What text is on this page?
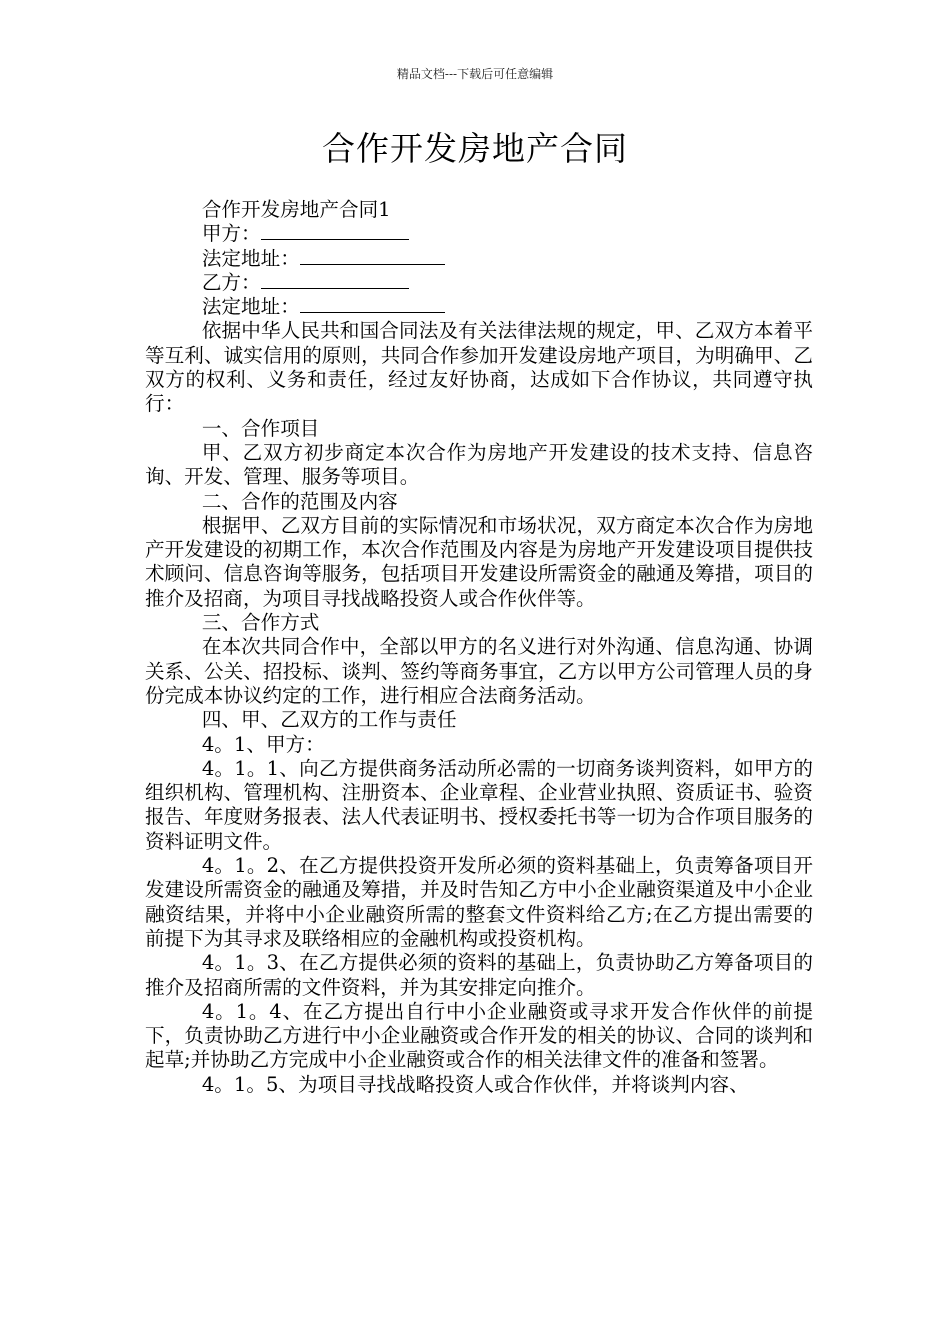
精品文档---下载后可任意编辑
合作开发房地产合同

合作开发房地产合同1

甲方：

法定地址：

乙方：

法定地址：

依据中华人民共和国合同法及有关法律法规的规定，甲、乙双方本着平等互利、诚实信用的原则，共同合作参加开发建设房地产项目，为明确甲、乙双方的权利、义务和责任，经过友好协商，达成如下合作协议，共同遵守执行：

一、合作项目

甲、乙双方初步商定本次合作为房地产开发建设的技术支持、信息咨询、开发、管理、服务等项目。

二、合作的范围及内容

根据甲、乙双方目前的实际情况和市场状况，双方商定本次合作为房地产开发建设的初期工作，本次合作范围及内容是为房地产开发建设项目提供技术顾问、信息咨询等服务，包括项目开发建设所需资金的融通及筹措，项目的推介及招商，为项目寻找战略投资人或合作伙伴等。

三、合作方式

在本次共同合作中，全部以甲方的名义进行对外沟通、信息沟通、协调关系、公关、招投标、谈判、签约等商务事宜，乙方以甲方公司管理人员的身份完成本协议约定的工作，进行相应合法商务活动。

四、甲、乙双方的工作与责任

4。1、甲方：

4。1。1、向乙方提供商务活动所必需的一切商务谈判资料，如甲方的组织机构、管理机构、注册资本、企业章程、企业营业执照、资质证书、验资报告、年度财务报表、法人代表证明书、授权委托书等一切为合作项目服务的资料证明文件。

4。1。2、在乙方提供投资开发所必须的资料基础上，负责筹备项目开发建设所需资金的融通及筹措，并及时告知乙方中小企业融资渠道及中小企业融资结果，并将中小企业融资所需的整套文件资料给乙方;在乙方提出需要的前提下为其寻求及联络相应的金融机构或投资机构。

4。1。3、在乙方提供必须的资料的基础上，负责协助乙方筹备项目的推介及招商所需的文件资料，并为其安排定向推介。

4。1。4、在乙方提出自行中小企业融资或寻求开发合作伙伴的前提下，负责协助乙方进行中小企业融资或合作开发的相关的协议、合同的谈判和起草;并协助乙方完成中小企业融资或合作的相关法律文件的准备和签署。

4。1。5、为项目寻找战略投资人或合作伙伴，并将谈判内容、
